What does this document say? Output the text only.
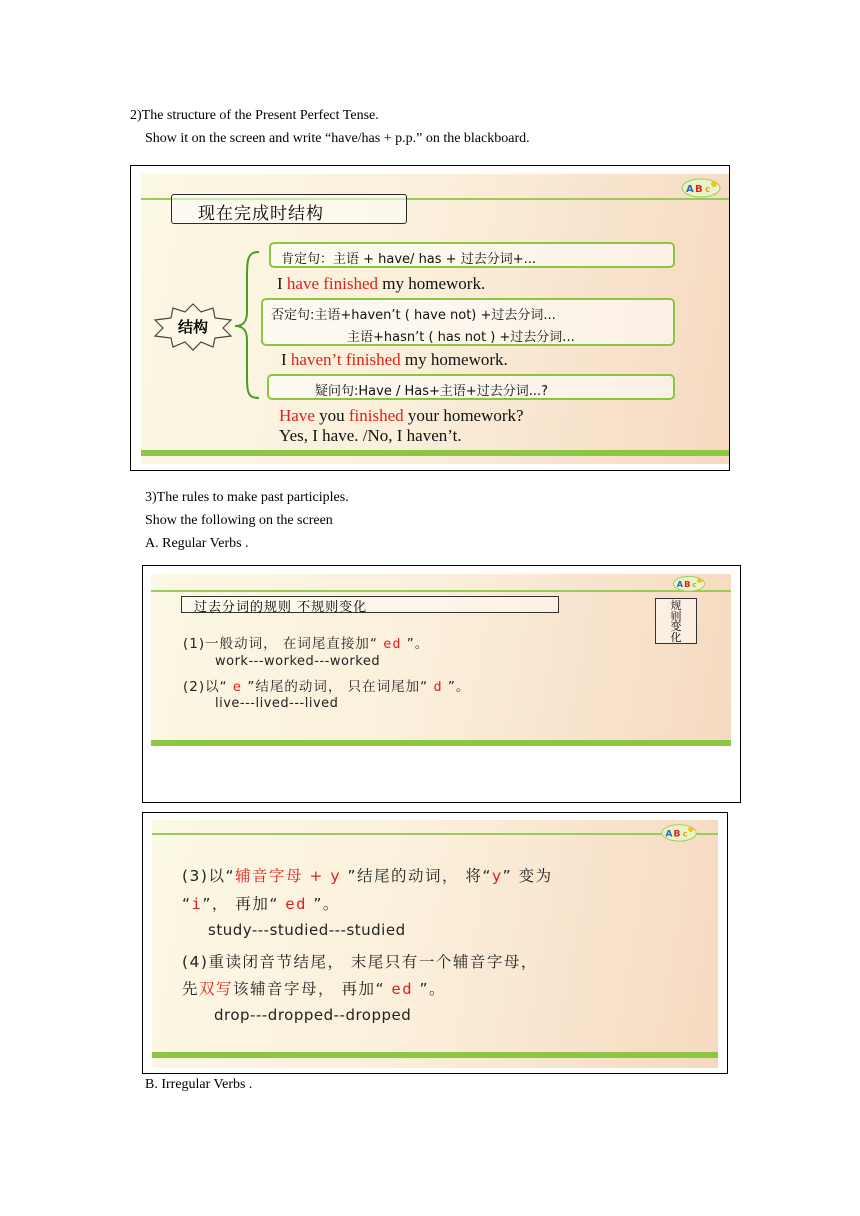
2)The structure of the Present Perfect Tense.
Show it on the screen and write “have/has + p.p.” on the blackboard.
A B c
现在完成时结构
结构
肯定句：主语 + have/ has + 过去分词+...
I have finished my homework.
否定句:主语+haven’t ( have not) +过去分词...
主语+hasn’t ( has not ) +过去分词...
I haven’t finished my homework.
疑问句:Have / Has+主语+过去分词...?
Have you finished your homework?
Yes, I have. /No, I haven’t.
3)The rules to make past participles.
Show the following on the screen
A. Regular Verbs .
A B c
过去分词的规则 不规则变化	规则变化
(1)一般动词， 在词尾直接加“ ed ”。
work---worked---worked
(2)以“ e ”结尾的动词， 只在词尾加“ d ”。
live---lived---lived
A B c
(3)以“辅音字母 + y ”结尾的动词， 将“y” 变为
“i”， 再加“ ed ”。
study---studied---studied
(4)重读闭音节结尾， 末尾只有一个辅音字母，
先双写该辅音字母， 再加“ ed ”。
drop---dropped--dropped
B. Irregular Verbs .
